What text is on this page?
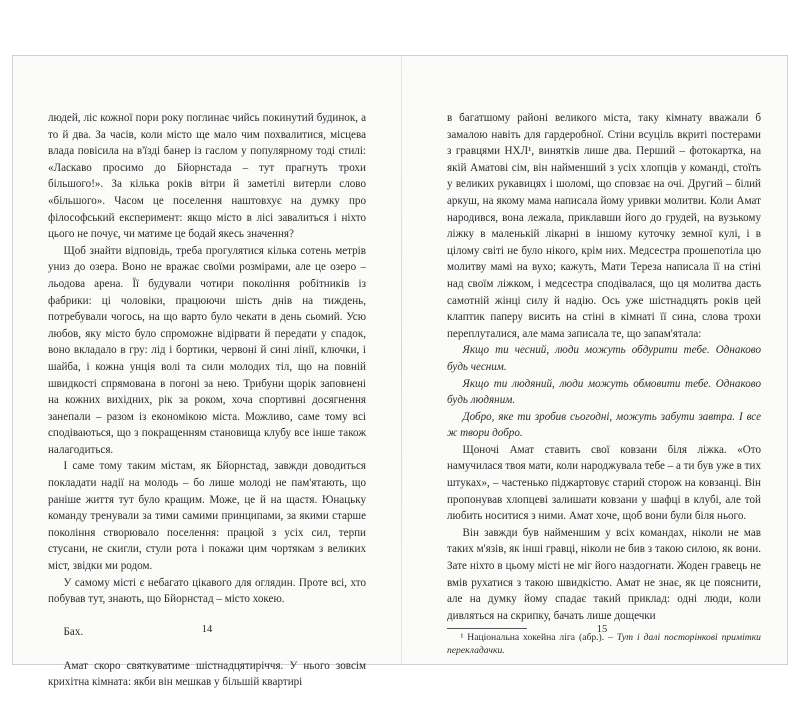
людей, ліс кожної пори року поглинає чийсь покинутий будинок, а то й два. За часів, коли місто ще мало чим похвалитися, місцева влада повісила на в'їзді банер із гаслом у популярному тоді стилі: «Ласкаво просимо до Бйорнстада – тут прагнуть трохи більшого!». За кілька років вітри й заметілі витерли слово «більшого». Часом це поселення наштовхує на думку про філософський експеримент: якщо місто в лісі завалиться і ніхто цього не почує, чи матиме це бодай якесь значення?

Щоб знайти відповідь, треба прогулятися кілька сотень метрів униз до озера. Воно не вражає своїми розмірами, але це озеро – льодова арена. Її будували чотири покоління робітників із фабрики: ці чоловіки, працюючи шість днів на тиждень, потребували чогось, на що варто було чекати в день сьомий. Усю любов, яку місто було спроможне відірвати й передати у спадок, воно вкладало в гру: лід і бортики, червоні й сині лінії, ключки, і шайба, і кожна унція волі та сили молодих тіл, що на повній швидкості спрямована в погоні за нею. Трибуни щорік заповнені на кожних вихідних, рік за роком, хоча спортивні досягнення занепали – разом із економікою міста. Можливо, саме тому всі сподіваються, що з покращенням становища клубу все інше також налагодиться.

І саме тому таким містам, як Бйорнстад, завжди доводиться покладати надії на молодь – бо лише молоді не пам'ятають, що раніше життя тут було кращим. Може, це й на щастя. Юнацьку команду тренували за тими самими принципами, за якими старше покоління створювало поселення: працюй з усіх сил, терпи стусани, не скигли, стули рота і покажи цим чортякам з великих міст, звідки ми родом.

У самому місті є небагато цікавого для оглядин. Проте всі, хто побував тут, знають, що Бйорнстад – місто хокею.

Бах.

Амат скоро святкуватиме шістнадцятиріччя. У нього зовсім крихітна кімната: якби він мешкав у більшій квартирі

14

в багатшому районі великого міста, таку кімнату вважали б замалою навіть для гардеробної. Стіни всуціль вкриті постерами з гравцями НХЛ¹, винятків лише два. Перший – фотокартка, на якій Аматові сім, він найменший з усіх хлопців у команді, стоїть у великих рукавицях і шоломі, що сповзає на очі. Другий – білий аркуш, на якому мама написала йому уривки молитви. Коли Амат народився, вона лежала, приклавши його до грудей, на вузькому ліжку в маленькій лікарні в іншому куточку земної кулі, і в цілому світі не було нікого, крім них. Медсестра прошепотіла цю молитву мамі на вухо; кажуть, Мати Тереза написала її на стіні над своїм ліжком, і медсестра сподівалася, що ця молитва дасть самотній жінці силу й надію. Ось уже шістнадцять років цей клаптик паперу висить на стіні в кімнаті її сина, слова трохи переплуталися, але мама записала те, що запам'ятала:

Якщо ти чесний, люди можуть обдурити тебе. Однаково будь чесним.

Якщо ти людяний, люди можуть обмовити тебе. Однаково будь людяним.

Добро, яке ти зробив сьогодні, можуть забути завтра. І все ж твори добро.

Щоночі Амат ставить свої ковзани біля ліжка. «Ото намучилася твоя мати, коли народжувала тебе – а ти був уже в тих штуках», – частенько піджартовує старий сторож на ковзанці. Він пропонував хлопцеві залишати ковзани у шафці в клубі, але той любить носитися з ними. Амат хоче, щоб вони були біля нього.

Він завжди був найменшим у всіх командах, ніколи не мав таких м'язів, як інші гравці, ніколи не бив з такою силою, як вони. Зате ніхто в цьому місті не міг його наздогнати. Жоден гравець не вмів рухатися з такою швидкістю. Амат не знає, як це пояснити, але на думку йому спадає такий приклад: одні люди, коли дивляться на скрипку, бачать лише дощечки

¹ Національна хокейна ліга (абр.). – Тут і далі посторінкові примітки перекладачки.

15
